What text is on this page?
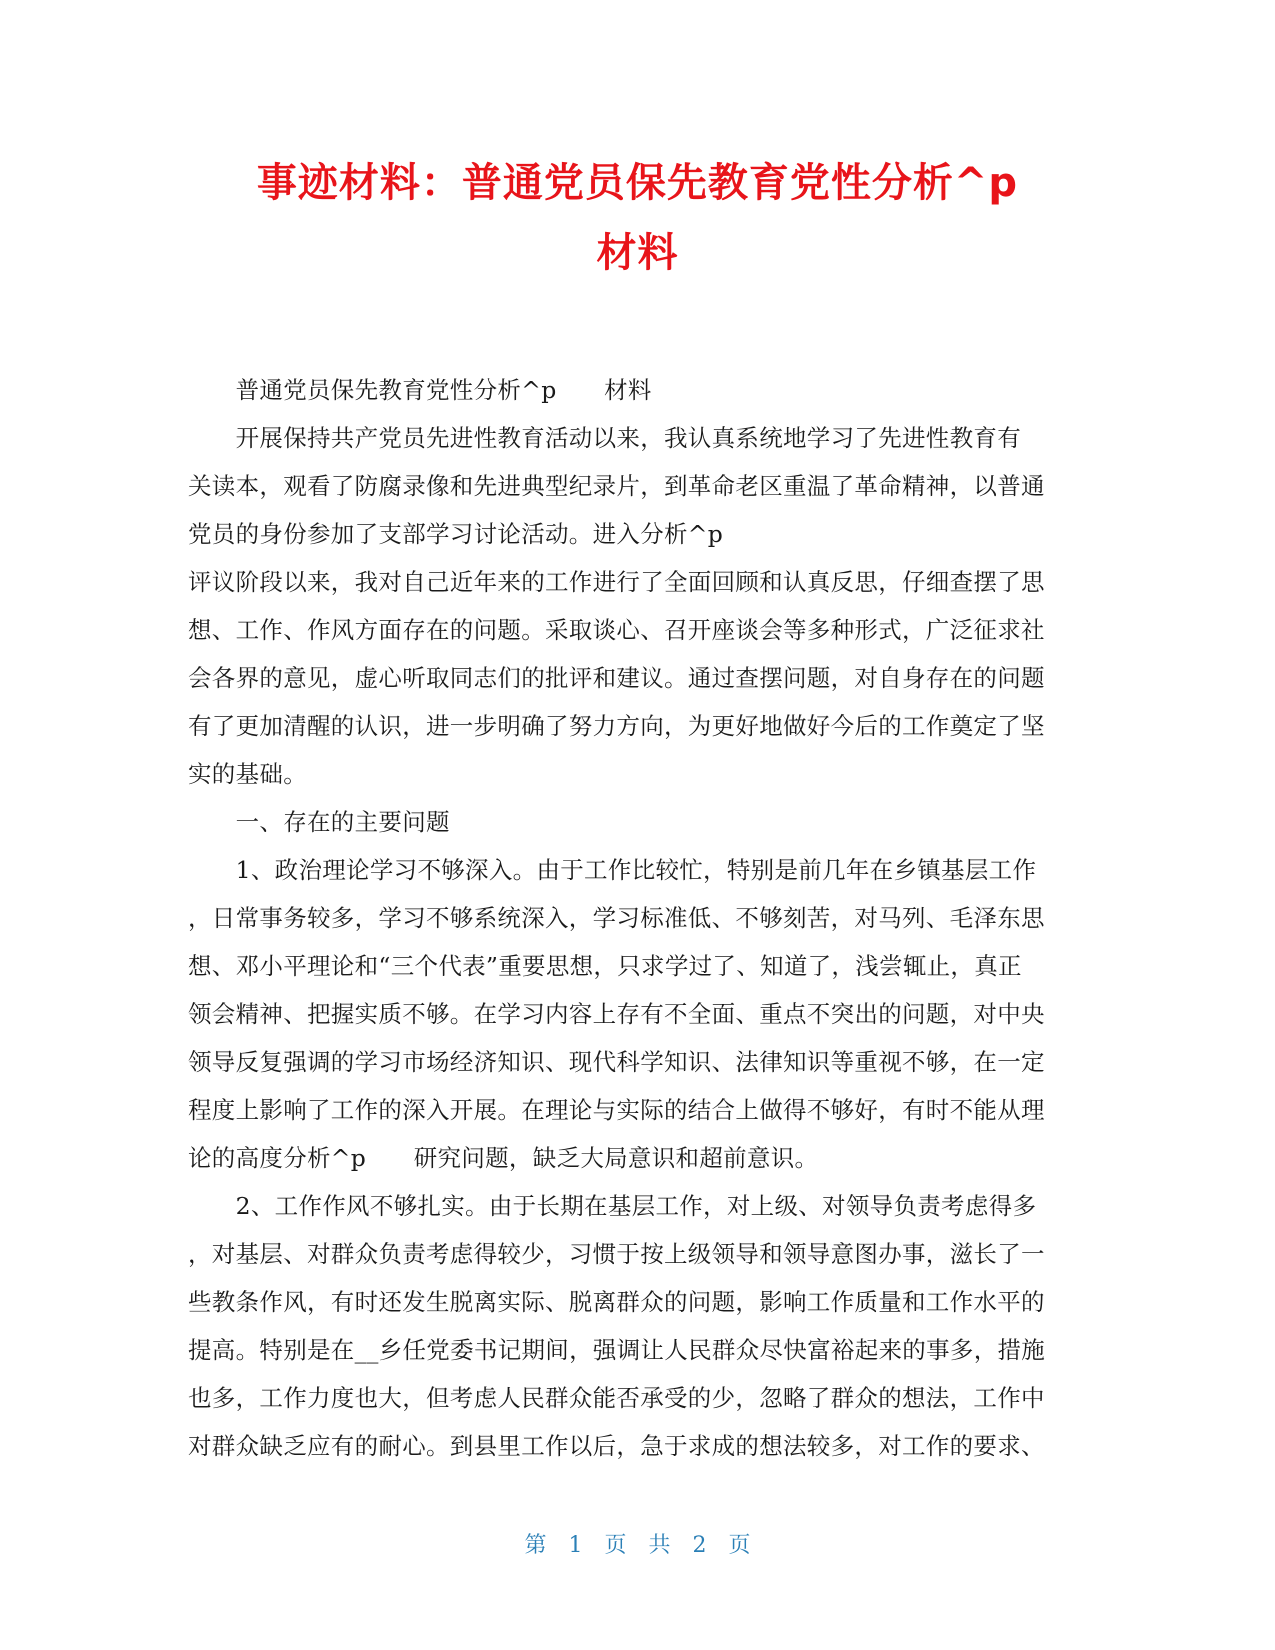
事迹材料：普通党员保先教育党性分析^p
材料
　　普通党员保先教育党性分析^p　　材料
　　开展保持共产党员先进性教育活动以来，我认真系统地学习了先进性教育有
关读本，观看了防腐录像和先进典型纪录片，到革命老区重温了革命精神，以普通
党员的身份参加了支部学习讨论活动。进入分析^p
评议阶段以来，我对自己近年来的工作进行了全面回顾和认真反思，仔细查摆了思
想、工作、作风方面存在的问题。采取谈心、召开座谈会等多种形式，广泛征求社
会各界的意见，虚心听取同志们的批评和建议。通过查摆问题，对自身存在的问题
有了更加清醒的认识，进一步明确了努力方向，为更好地做好今后的工作奠定了坚
实的基础。
　　一、存在的主要问题
　　1、政治理论学习不够深入。由于工作比较忙，特别是前几年在乡镇基层工作
，日常事务较多，学习不够系统深入，学习标准低、不够刻苦，对马列、毛泽东思
想、邓小平理论和“三个代表”重要思想，只求学过了、知道了，浅尝辄止，真正
领会精神、把握实质不够。在学习内容上存有不全面、重点不突出的问题，对中央
领导反复强调的学习市场经济知识、现代科学知识、法律知识等重视不够，在一定
程度上影响了工作的深入开展。在理论与实际的结合上做得不够好，有时不能从理
论的高度分析^p　　研究问题，缺乏大局意识和超前意识。
　　2、工作作风不够扎实。由于长期在基层工作，对上级、对领导负责考虑得多
，对基层、对群众负责考虑得较少，习惯于按上级领导和领导意图办事，滋长了一
些教条作风，有时还发生脱离实际、脱离群众的问题，影响工作质量和工作水平的
提高。特别是在__乡任党委书记期间，强调让人民群众尽快富裕起来的事多，措施
也多，工作力度也大，但考虑人民群众能否承受的少，忽略了群众的想法，工作中
对群众缺乏应有的耐心。到县里工作以后，急于求成的想法较多，对工作的要求、
第　1　页　共　2　页
